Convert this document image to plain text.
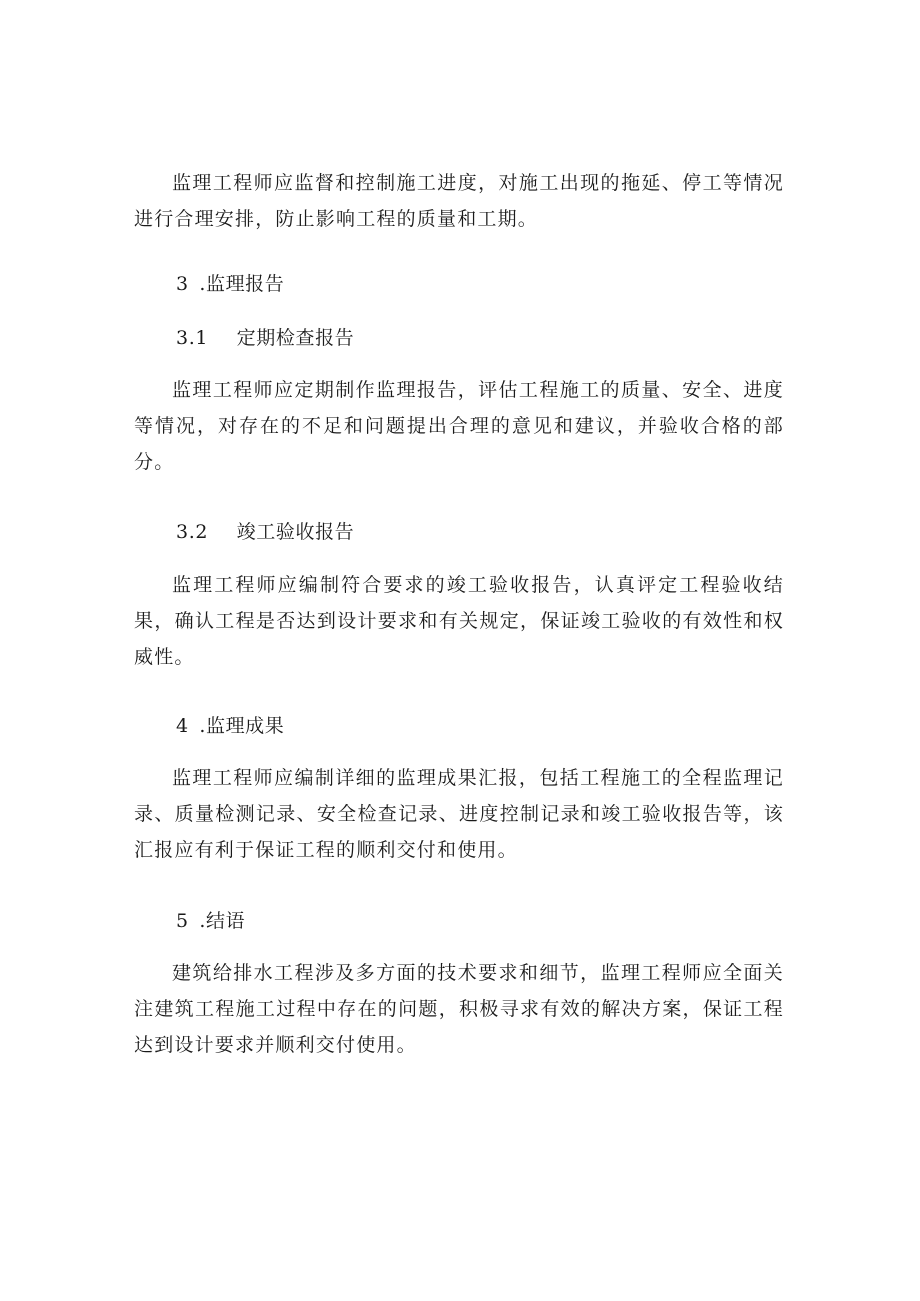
监理工程师应监督和控制施工进度，对施工出现的拖延、停工等情况进行合理安排，防止影响工程的质量和工期。

3 .监理报告
3.1 定期检查报告

监理工程师应定期制作监理报告，评估工程施工的质量、安全、进度等情况，对存在的不足和问题提出合理的意见和建议，并验收合格的部分。

3.2 竣工验收报告

监理工程师应编制符合要求的竣工验收报告，认真评定工程验收结果，确认工程是否达到设计要求和有关规定，保证竣工验收的有效性和权威性。

4 .监理成果

监理工程师应编制详细的监理成果汇报，包括工程施工的全程监理记录、质量检测记录、安全检查记录、进度控制记录和竣工验收报告等，该汇报应有利于保证工程的顺利交付和使用。

5 .结语

建筑给排水工程涉及多方面的技术要求和细节，监理工程师应全面关注建筑工程施工过程中存在的问题，积极寻求有效的解决方案，保证工程达到设计要求并顺利交付使用。
